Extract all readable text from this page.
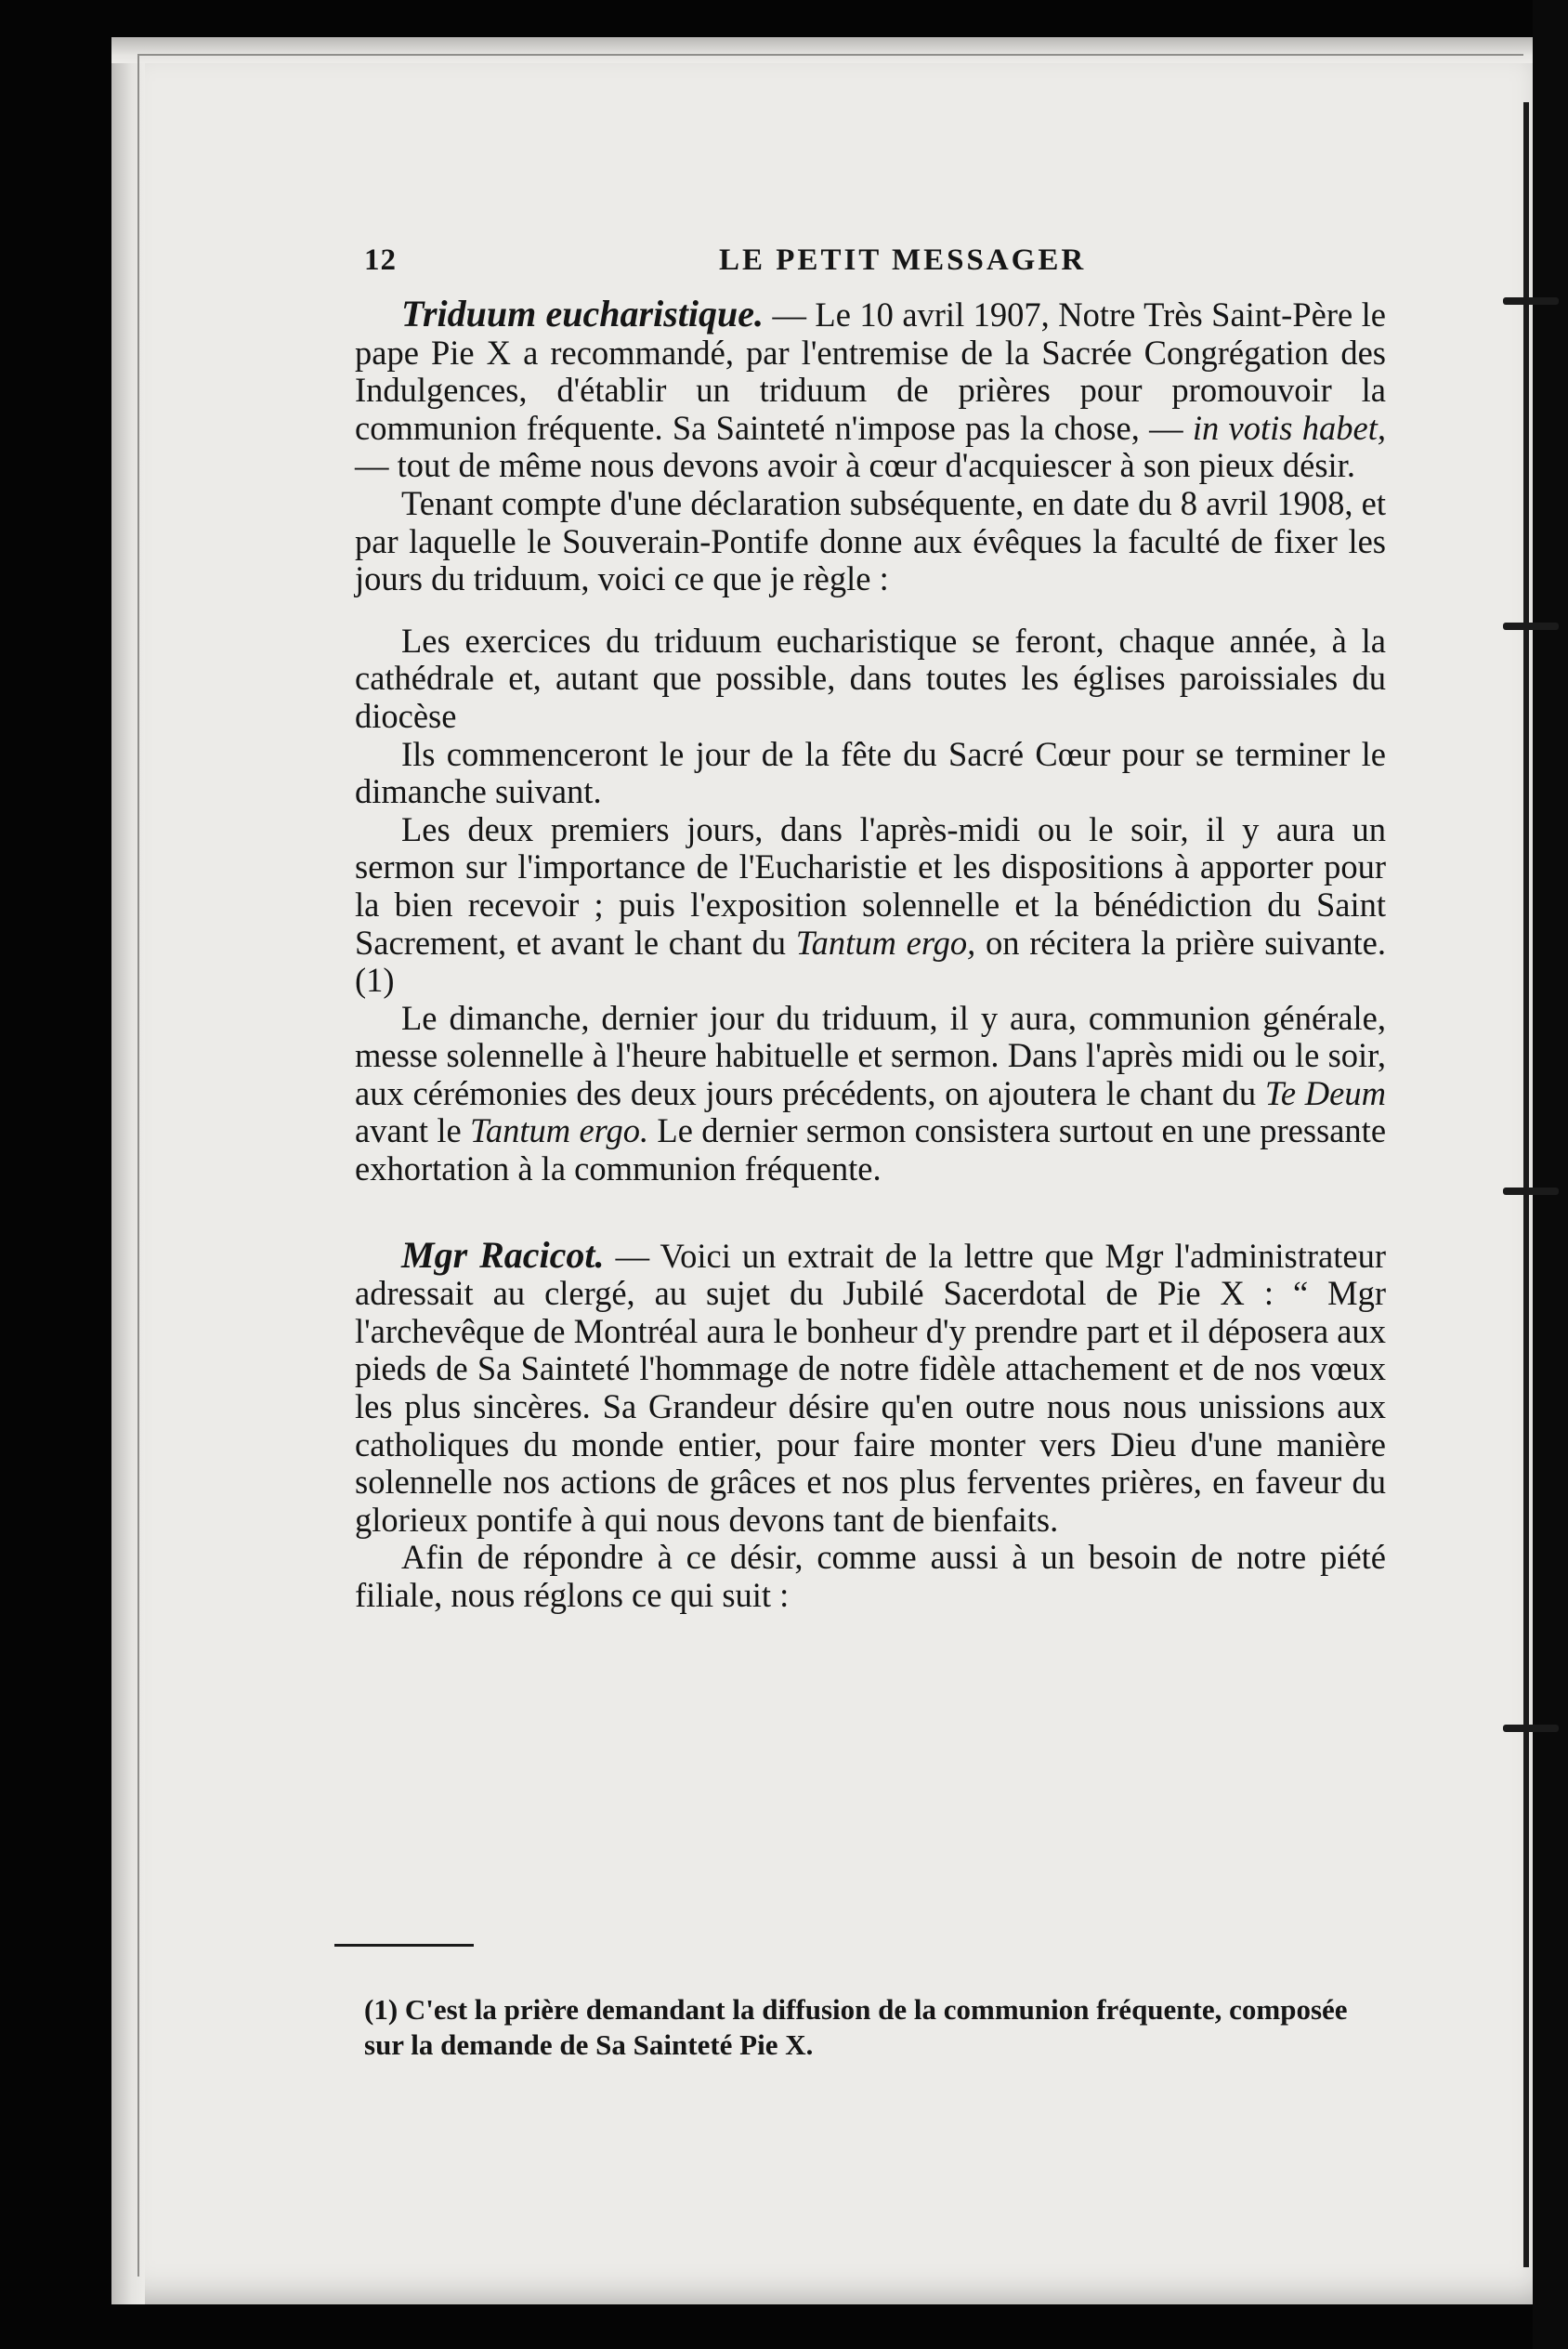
12	LE PETIT MESSAGER

Triduum eucharistique. — Le 10 avril 1907, Notre Très Saint-Père le pape Pie X a recommandé, par l'entremise de la Sacrée Congrégation des Indulgences, d'établir un triduum de prières pour promouvoir la communion fréquente. Sa Sainteté n'impose pas la chose, — in votis habet, — tout de même nous devons avoir à cœur d'acquiescer à son pieux désir.

Tenant compte d'une déclaration subséquente, en date du 8 avril 1908, et par laquelle le Souverain-Pontife donne aux évêques la faculté de fixer les jours du triduum, voici ce que je règle :

Les exercices du triduum eucharistique se feront, chaque année, à la cathédrale et, autant que possible, dans toutes les églises paroissiales du diocèse

Ils commenceront le jour de la fête du Sacré Cœur pour se terminer le dimanche suivant.

Les deux premiers jours, dans l'après-midi ou le soir, il y aura un sermon sur l'importance de l'Eucharistie et les dispositions à apporter pour la bien recevoir ; puis l'exposition solennelle et la bénédiction du Saint Sacrement, et avant le chant du Tantum ergo, on récitera la prière suivante. (1)

Le dimanche, dernier jour du triduum, il y aura, communion générale, messe solennelle à l'heure habituelle et sermon. Dans l'après midi ou le soir, aux cérémonies des deux jours précédents, on ajoutera le chant du Te Deum avant le Tantum ergo. Le dernier sermon consistera surtout en une pressante exhortation à la communion fréquente.

Mgr Racicot. — Voici un extrait de la lettre que Mgr l'administrateur adressait au clergé, au sujet du Jubilé Sacerdotal de Pie X : “ Mgr l'archevêque de Montréal aura le bonheur d'y prendre part et il déposera aux pieds de Sa Sainteté l'hommage de notre fidèle attachement et de nos vœux les plus sincères. Sa Grandeur désire qu'en outre nous nous unissions aux catholiques du monde entier, pour faire monter vers Dieu d'une manière solennelle nos actions de grâces et nos plus ferventes prières, en faveur du glorieux pontife à qui nous devons tant de bienfaits.

Afin de répondre à ce désir, comme aussi à un besoin de notre piété filiale, nous réglons ce qui suit :

(1) C'est la prière demandant la diffusion de la communion fréquente, composée sur la demande de Sa Sainteté Pie X.
